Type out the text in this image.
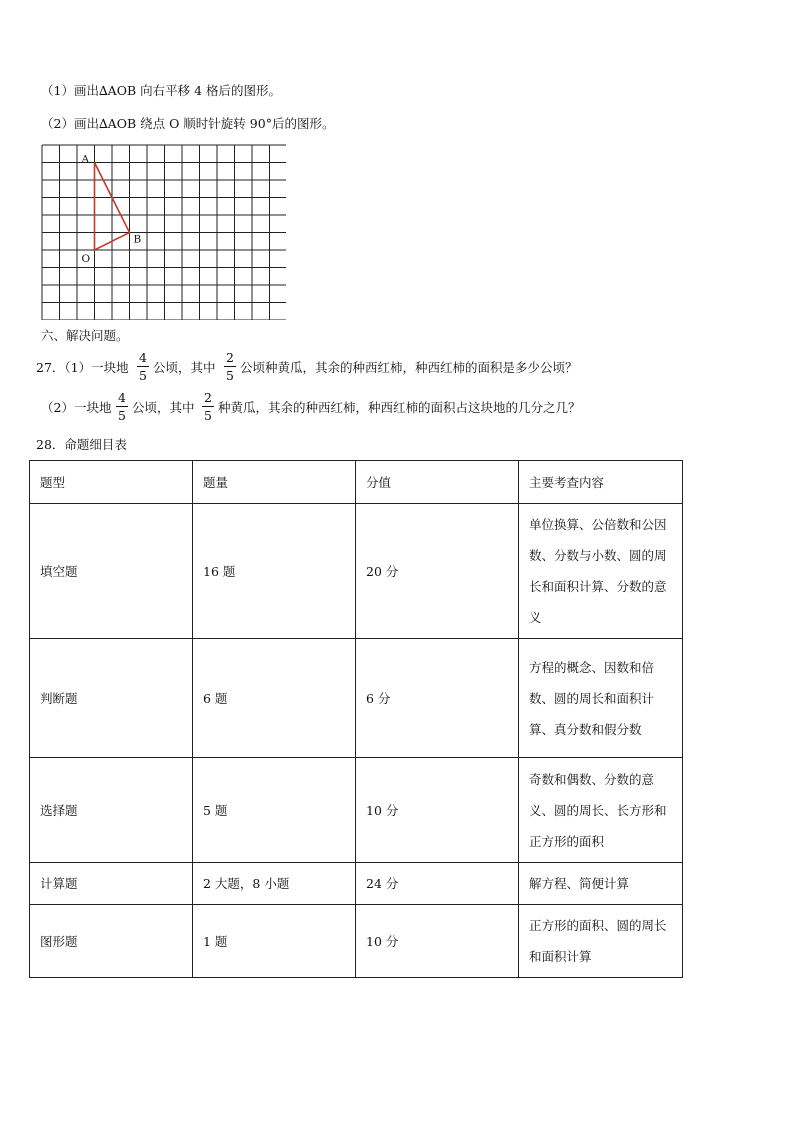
（1）画出∆AOB 向右平移 4 格后的图形。
（2）画出∆AOB 绕点 O 顺时针旋转 90°后的图形。
A
O
B
六、解决问题。
27．（1）一块地
4
5
公顷，其中
2
5
公顷种黄瓜，其余的种西红柿，种西红柿的面积是多少公顷？
（2）一块地
4
5
公顷，其中
2
5
种黄瓜，其余的种西红柿，种西红柿的面积占这块地的几分之几？
28．命题细目表
题型	题量	分值	主要考查内容
填空题	16 题	20 分	单位换算、公倍数和公因数、分数与小数、圆的周长和面积计算、分数的意义
判断题	6 题	6 分	方程的概念、因数和倍数、圆的周长和面积计算、真分数和假分数
选择题	5 题	10 分	奇数和偶数、分数的意义、圆的周长、长方形和正方形的面积
计算题	2 大题，8 小题	24 分	解方程、简便计算
图形题	1 题	10 分	正方形的面积、圆的周长和面积计算
